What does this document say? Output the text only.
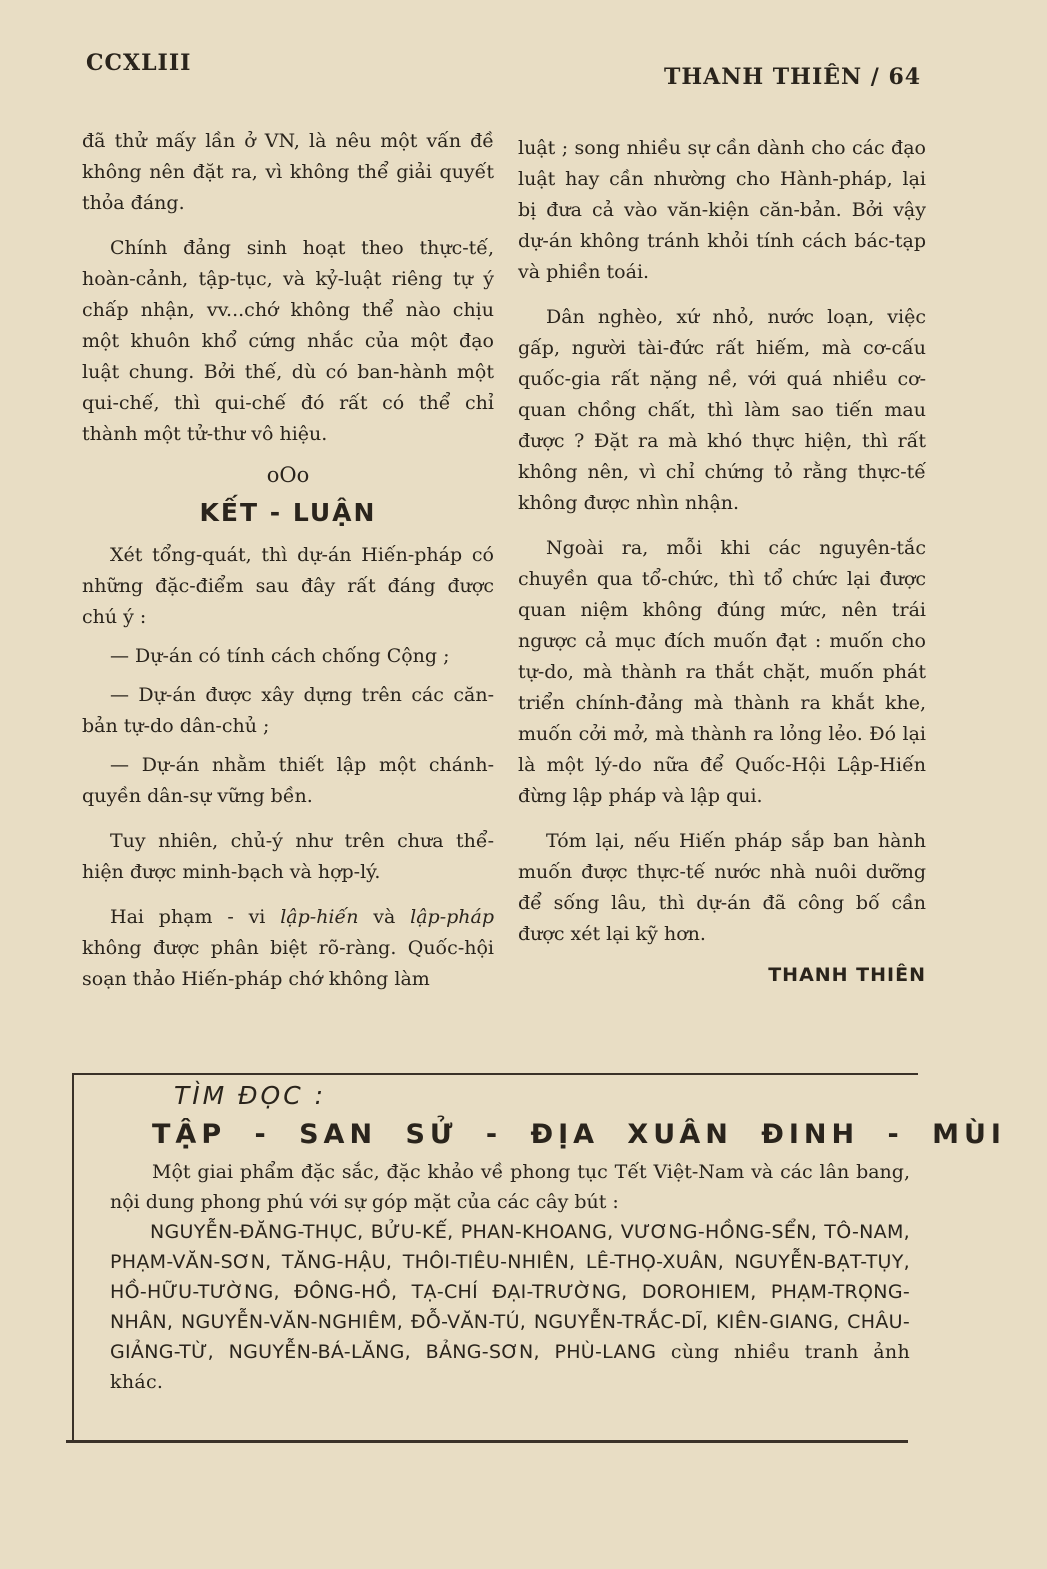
CCXLIII
THANH THIÊN / 64

đã thử mấy lần ở VN, là nêu một vấn đề không nên đặt ra, vì không thể giải quyết thỏa đáng.

Chính đảng sinh hoạt theo thực-tế, hoàn-cảnh, tập-tục, và kỷ-luật riêng tự ý chấp nhận, vv...chớ không thể nào chịu một khuôn khổ cứng nhắc của một đạo luật chung. Bởi thế, dù có ban-hành một qui-chế, thì qui-chế đó rất có thể chỉ thành một tử-thư vô hiệu.

oOo
KẾT - LUẬN

Xét tổng-quát, thì dự-án Hiến-pháp có những đặc-điểm sau đây rất đáng được chú ý :

— Dự-án có tính cách chống Cộng ;

— Dự-án được xây dựng trên các căn-bản tự-do dân-chủ ;

— Dự-án nhằm thiết lập một chánh-quyền dân-sự vững bền.

Tuy nhiên, chủ-ý như trên chưa thể-hiện được minh-bạch và hợp-lý.

Hai phạm - vi lập-hiến và lập-pháp không được phân biệt rõ-ràng. Quốc-hội soạn thảo Hiến-pháp chớ không làm

luật ; song nhiều sự cần dành cho các đạo luật hay cần nhường cho Hành-pháp, lại bị đưa cả vào văn-kiện căn-bản. Bởi vậy dự-án không tránh khỏi tính cách bác-tạp và phiền toái.

Dân nghèo, xứ nhỏ, nước loạn, việc gấp, người tài-đức rất hiếm, mà cơ-cấu quốc-gia rất nặng nề, với quá nhiều cơ-quan chồng chất, thì làm sao tiến mau được ? Đặt ra mà khó thực hiện, thì rất không nên, vì chỉ chứng tỏ rằng thực-tế không được nhìn nhận.

Ngoài ra, mỗi khi các nguyên-tắc chuyền qua tổ-chức, thì tổ chức lại được quan niệm không đúng mức, nên trái ngược cả mục đích muốn đạt : muốn cho tự-do, mà thành ra thắt chặt, muốn phát triển chính-đảng mà thành ra khắt khe, muốn cởi mở, mà thành ra lỏng lẻo. Đó lại là một lý-do nữa để Quốc-Hội Lập-Hiến đừng lập pháp và lập qui.

Tóm lại, nếu Hiến pháp sắp ban hành muốn được thực-tế nước nhà nuôi dưỡng để sống lâu, thì dự-án đã công bố cần được xét lại kỹ hơn.

THANH THIÊN

TÌM ĐỌC :
TẬP - SAN SỬ - ĐỊA XUÂN ĐINH - MÙI

Một giai phẩm đặc sắc, đặc khảo về phong tục Tết Việt-Nam và các lân bang, nội dung phong phú với sự góp mặt của các cây bút :

NGUYỄN-ĐĂNG-THỤC, BỬU-KẾ, PHAN-KHOANG, VƯƠNG-HỒNG-SỂN, TÔ-NAM, PHẠM-VĂN-SƠN, TĂNG-HẬU, THÔI-TIÊU-NHIÊN, LÊ-THỌ-XUÂN, NGUYỄN-BẠT-TỤY, HỒ-HỮU-TƯỜNG, ĐÔNG-HỒ, TẠ-CHÍ ĐẠI-TRƯỜNG, DOROHIEM, PHẠM-TRỌNG-NHÂN, NGUYỄN-VĂN-NGHIÊM, ĐỖ-VĂN-TÚ, NGUYỄN-TRẮC-DĨ, KIÊN-GIANG, CHÂU-GIẢNG-TỪ, NGUYỄN-BÁ-LĂNG, BẢNG-SƠN, PHÙ-LANG cùng nhiều tranh ảnh khác.
